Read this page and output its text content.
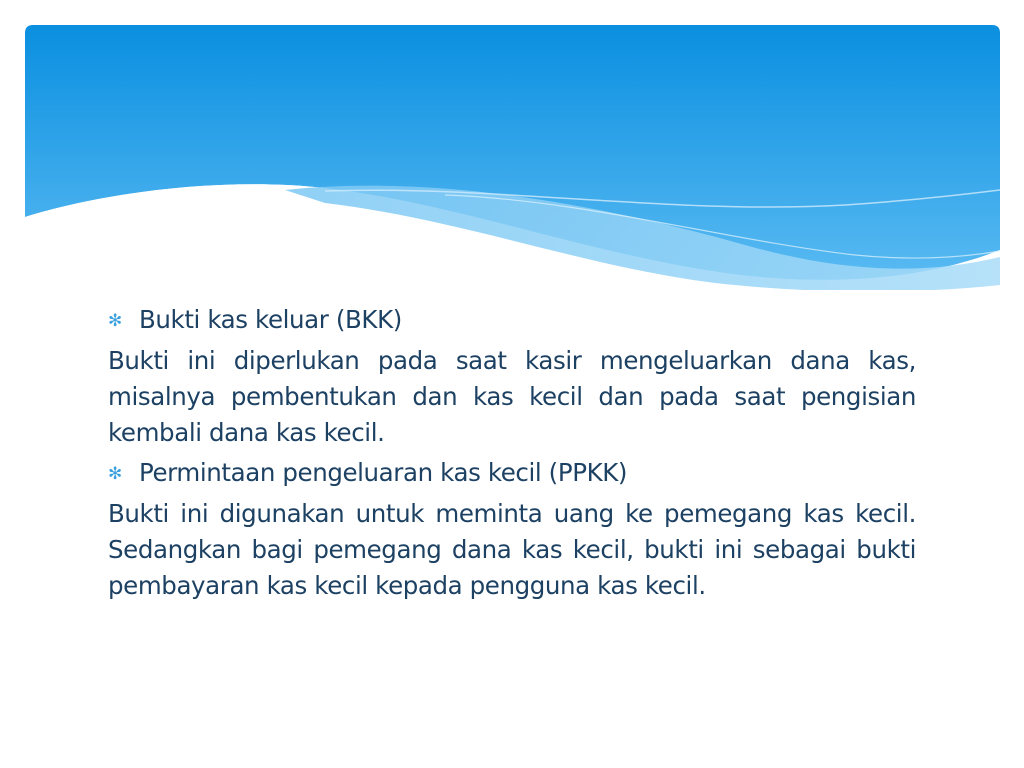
✻ Bukti kas keluar (BKK)

Bukti ini diperlukan pada saat kasir mengeluarkan dana kas, misalnya pembentukan dan kas kecil dan pada saat pengisian kembali dana kas kecil.

✻ Permintaan pengeluaran kas kecil (PPKK)

Bukti ini digunakan untuk meminta uang ke pemegang kas kecil. Sedangkan bagi pemegang dana kas kecil, bukti ini sebagai bukti pembayaran kas kecil kepada pengguna kas kecil.
